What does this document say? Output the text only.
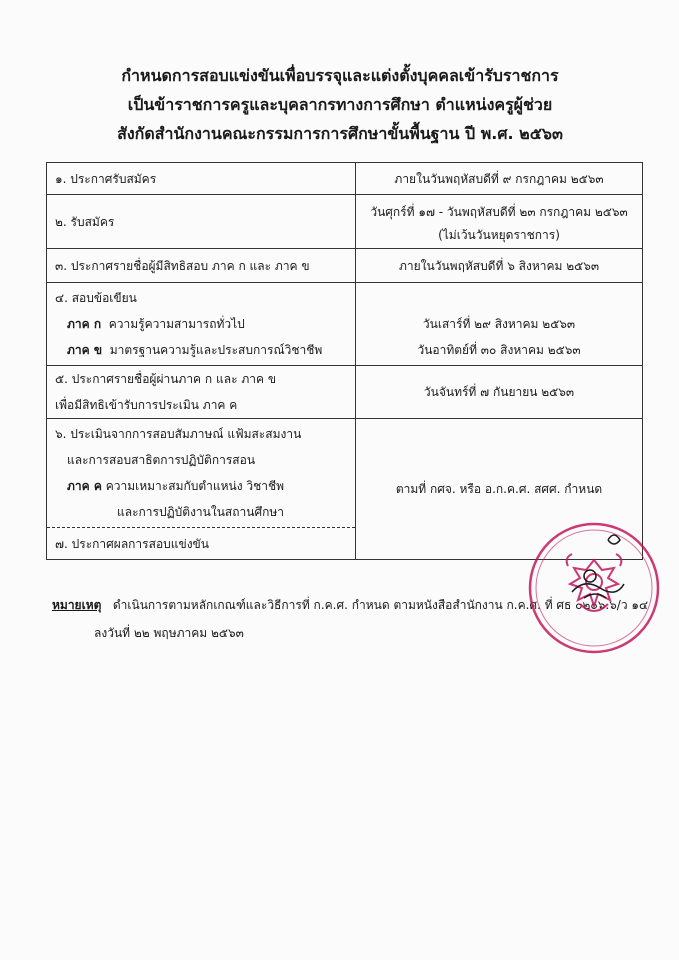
กำหนดการสอบแข่งขันเพื่อบรรจุและแต่งตั้งบุคคลเข้ารับราชการ
เป็นข้าราชการครูและบุคลากรทางการศึกษา ตำแหน่งครูผู้ช่วย
สังกัดสำนักงานคณะกรรมการการศึกษาขั้นพื้นฐาน ปี พ.ศ. ๒๕๖๓
๑. ประกาศรับสมัคร	ภายในวันพฤหัสบดีที่ ๙ กรกฎาคม ๒๕๖๓

๒. รับสมัคร	วันศุกร์ที่ ๑๗ - วันพฤหัสบดีที่ ๒๓ กรกฎาคม ๒๕๖๓
(ไม่เว้นวันหยุดราชการ)

๓. ประกาศรายชื่อผู้มีสิทธิสอบ ภาค ก และ ภาค ข	ภายในวันพฤหัสบดีที่ ๖ สิงหาคม ๒๕๖๓

๔. สอบข้อเขียน
ภาค ก ความรู้ความสามารถทั่วไป
ภาค ข มาตรฐานความรู้และประสบการณ์วิชาชีพ	วันเสาร์ที่ ๒๙ สิงหาคม ๒๕๖๓
วันอาทิตย์ที่ ๓๐ สิงหาคม ๒๕๖๓

๕. ประกาศรายชื่อผู้ผ่านภาค ก และ ภาค ข
เพื่อมีสิทธิเข้ารับการประเมิน ภาค ค	วันจันทร์ที่ ๗ กันยายน ๒๕๖๓

๖. ประเมินจากการสอบสัมภาษณ์ แฟ้มสะสมงาน
และการสอบสาธิตการปฏิบัติการสอน
ภาค ค ความเหมาะสมกับตำแหน่ง วิชาชีพ
และการปฏิบัติงานในสถานศึกษา	ตามที่ กศจ. หรือ อ.ก.ค.ศ. สศศ. กำหนด

๗. ประกาศผลการสอบแข่งขัน	
หมายเหตุ ดำเนินการตามหลักเกณฑ์และวิธีการที่ ก.ค.ศ. กำหนด ตามหนังสือสำนักงาน ก.ค.ศ. ที่ ศธ ๐๒๐๖.๖/ว ๑๔
ลงวันที่ ๒๒ พฤษภาคม ๒๕๖๓
